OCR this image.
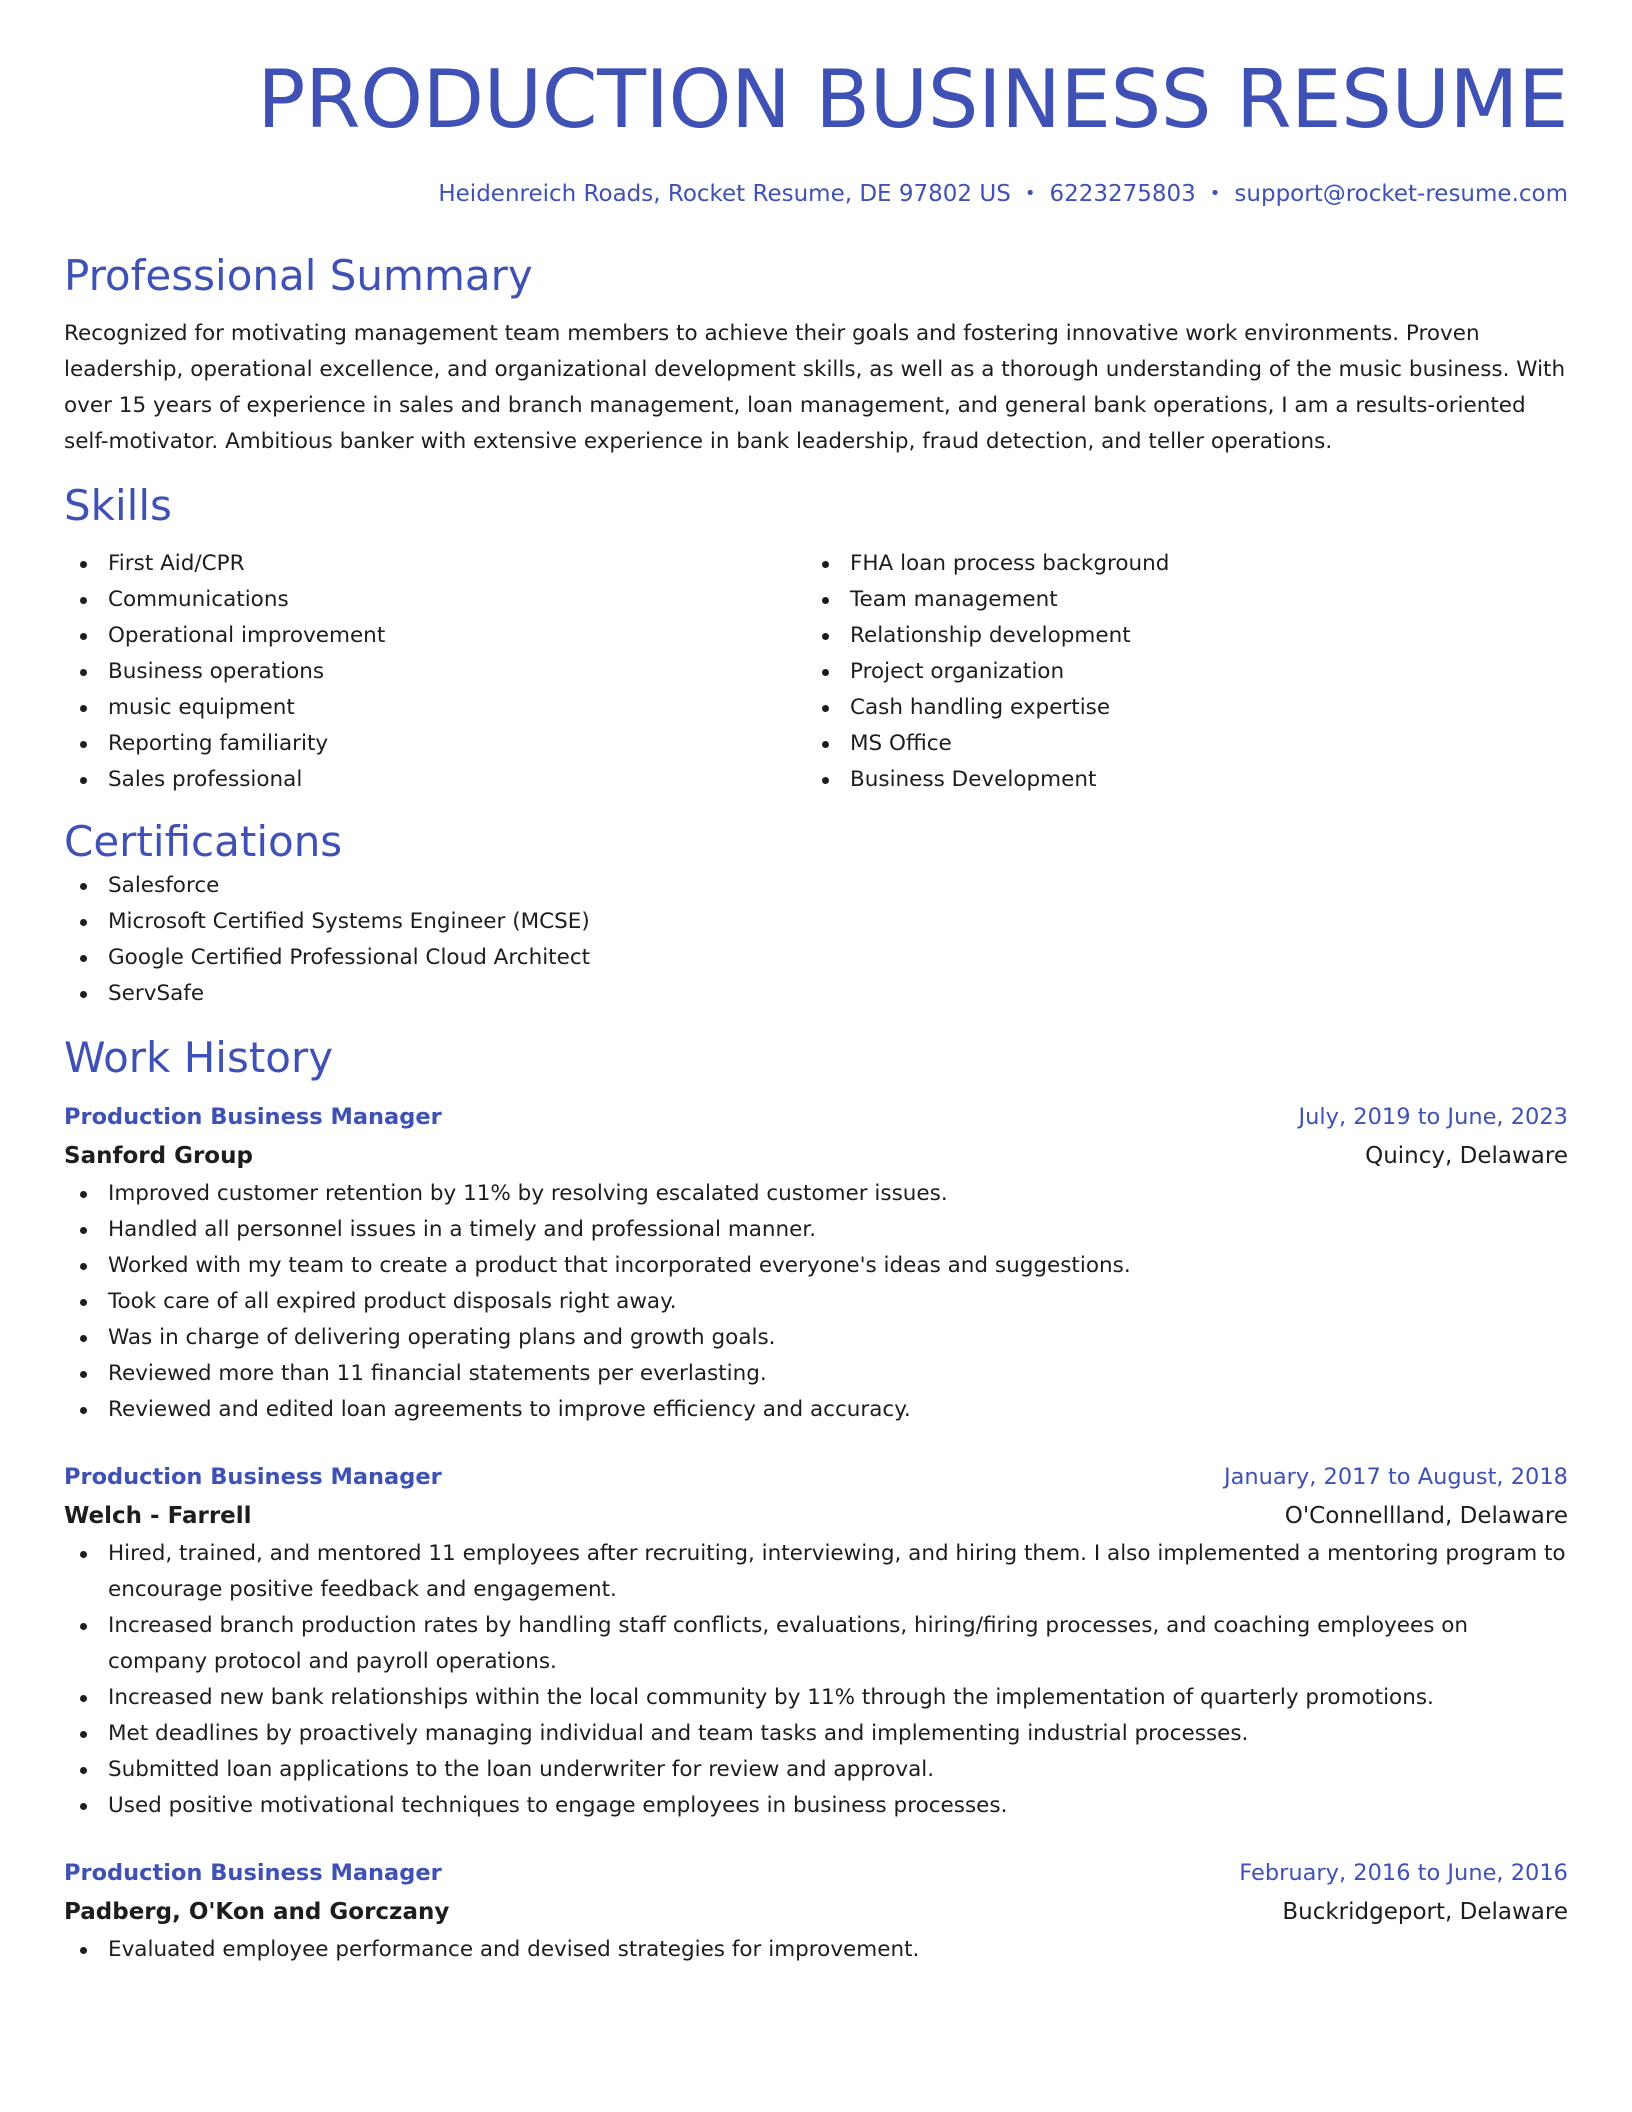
PRODUCTION BUSINESS RESUME
Heidenreich Roads, Rocket Resume, DE 97802 US • 6223275803 • support@rocket-resume.com
Professional Summary
Recognized for motivating management team members to achieve their goals and fostering innovative work environments. Proven leadership, operational excellence, and organizational development skills, as well as a thorough understanding of the music business. With over 15 years of experience in sales and branch management, loan management, and general bank operations, I am a results-oriented self-motivator. Ambitious banker with extensive experience in bank leadership, fraud detection, and teller operations.
Skills
First Aid/CPR
Communications
Operational improvement
Business operations
music equipment
Reporting familiarity
Sales professional
FHA loan process background
Team management
Relationship development
Project organization
Cash handling expertise
MS Office
Business Development
Certifications
Salesforce
Microsoft Certified Systems Engineer (MCSE)
Google Certified Professional Cloud Architect
ServSafe
Work History
Production Business Manager	July, 2019 to June, 2023
Sanford Group	Quincy, Delaware
Improved customer retention by 11% by resolving escalated customer issues.
Handled all personnel issues in a timely and professional manner.
Worked with my team to create a product that incorporated everyone's ideas and suggestions.
Took care of all expired product disposals right away.
Was in charge of delivering operating plans and growth goals.
Reviewed more than 11 financial statements per everlasting.
Reviewed and edited loan agreements to improve efficiency and accuracy.
Production Business Manager	January, 2017 to August, 2018
Welch - Farrell	O'Connellland, Delaware
Hired, trained, and mentored 11 employees after recruiting, interviewing, and hiring them. I also implemented a mentoring program to encourage positive feedback and engagement.
Increased branch production rates by handling staff conflicts, evaluations, hiring/firing processes, and coaching employees on company protocol and payroll operations.
Increased new bank relationships within the local community by 11% through the implementation of quarterly promotions.
Met deadlines by proactively managing individual and team tasks and implementing industrial processes.
Submitted loan applications to the loan underwriter for review and approval.
Used positive motivational techniques to engage employees in business processes.
Production Business Manager	February, 2016 to June, 2016
Padberg, O'Kon and Gorczany	Buckridgeport, Delaware
Evaluated employee performance and devised strategies for improvement.
